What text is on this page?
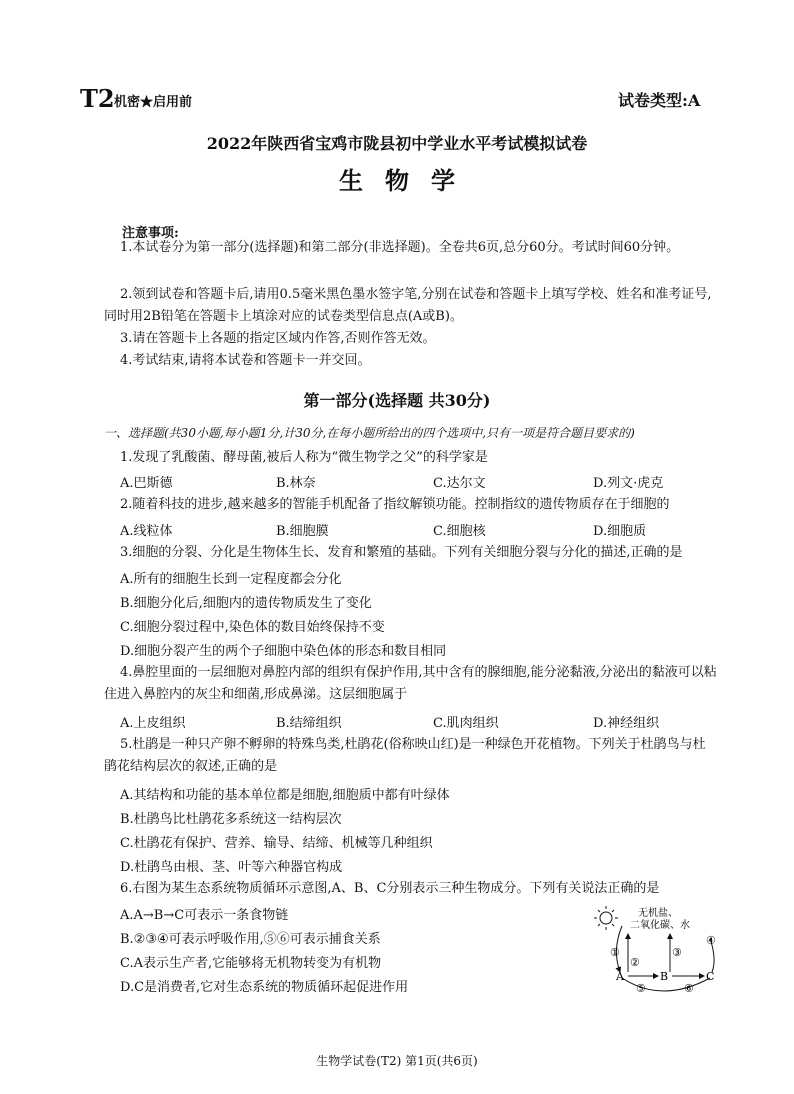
T2 机密★启用前	试卷类型:A
2022年陕西省宝鸡市陇县初中学业水平考试模拟试卷
生物学
注意事项:
1.本试卷分为第一部分(选择题)和第二部分(非选择题)。全卷共6页,总分60分。考试时间60分钟。
2.领到试卷和答题卡后,请用0.5毫米黑色墨水签字笔,分别在试卷和答题卡上填写学校、姓名和准考证号,同时用2B铅笔在答题卡上填涂对应的试卷类型信息点(A或B)。
3.请在答题卡上各题的指定区域内作答,否则作答无效。
4.考试结束,请将本试卷和答题卡一并交回。
第一部分(选择题 共30分)
一、选择题(共30小题,每小题1分,计30分,在每小题所给出的四个选项中,只有一项是符合题目要求的)
1.发现了乳酸菌、酵母菌,被后人称为“微生物学之父”的科学家是
A.巴斯德	B.林奈	C.达尔文	D.列文·虎克
2.随着科技的进步,越来越多的智能手机配备了指纹解锁功能。控制指纹的遗传物质存在于细胞的
A.线粒体	B.细胞膜	C.细胞核	D.细胞质
3.细胞的分裂、分化是生物体生长、发育和繁殖的基础。下列有关细胞分裂与分化的描述,正确的是
A.所有的细胞生长到一定程度都会分化
B.细胞分化后,细胞内的遗传物质发生了变化
C.细胞分裂过程中,染色体的数目始终保持不变
D.细胞分裂产生的两个子细胞中染色体的形态和数目相同
4.鼻腔里面的一层细胞对鼻腔内部的组织有保护作用,其中含有的腺细胞,能分泌黏液,分泌出的黏液可以粘住进入鼻腔内的灰尘和细菌,形成鼻涕。这层细胞属于
A.上皮组织	B.结缔组织	C.肌肉组织	D.神经组织
5.杜鹃是一种只产卵不孵卵的特殊鸟类,杜鹃花(俗称映山红)是一种绿色开花植物。下列关于杜鹃鸟与杜鹃花结构层次的叙述,正确的是
A.其结构和功能的基本单位都是细胞,细胞质中都有叶绿体
B.杜鹃鸟比杜鹃花多系统这一结构层次
C.杜鹃花有保护、营养、输导、结缔、机械等几种组织
D.杜鹃鸟由根、茎、叶等六种器官构成
6.右图为某生态系统物质循环示意图,A、B、C分别表示三种生物成分。下列有关说法正确的是
A.A→B→C可表示一条食物链
B.②③④可表示呼吸作用,⑤⑥可表示捕食关系
C.A表示生产者,它能够将无机物转变为有机物
D.C是消费者,它对生态系统的物质循环起促进作用
无机盐、
二氧化碳、水
A	B	C
①
②
③
④
⑤	⑥
生物学试卷(T2) 第1页(共6页)
